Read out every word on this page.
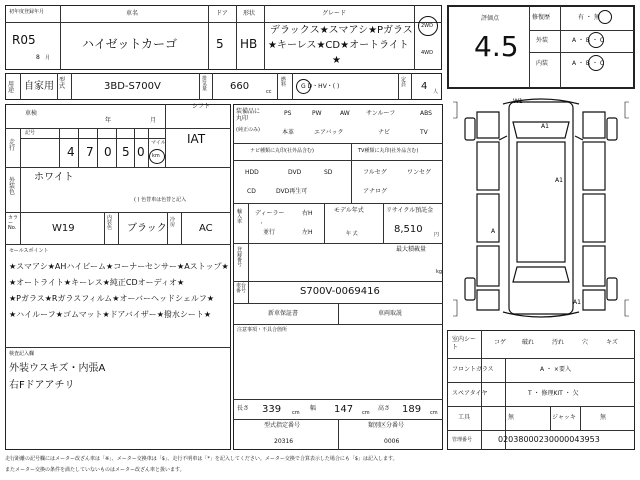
初年度登録年月
R05
8 月
車名
ハイゼットカーゴ
ドア
5
形状
HB
グレード
デラックス★スマアシ★Pガラス
★キーレス★CD★オートライト
★
2WD
4WD
用途 自家用
型式	3BD-S700V
排気量 660	cc
燃料	G D・HV・( )
定員 4 人
評価点
4.5
修復歴	有 ・ 無
外装	A ・ B ・ C
内装	A ・ B ・ C
車検
年	月
シフト
IAT
走行
記号
4 7 0 5 0
マイル
km
外装色
ホワイト
( ) 色替車は色替と記入
カラー No.	W19
内装色 ブラック
冷房 AC
セールスポイント
★スマアシ★AHハイビーム★コーナーセンサー★Aストップ★
★オートライト★キーレス★純正CDオーディオ★
★Pガラス★Rガラスフィルム★オーバーヘッドシェルフ★
★ハイルーフ★ゴムマット★ドアバイザー★撥水シート★
検査記入欄
外装ウスキズ・内張A
右Fドアアチリ
装備品に丸印
(純正のみ)
PS	PW	AW	サンルーフ	ABS
本革	エアバック	ナビ	TV
ナビ種類に丸印(社外品含む)	TV種類に丸印(社外品含む)
HDD	DVD	SD
CD	DVD再生可
フルセグ	ワンセグ
アナログ
輸入車
ディーラー
並行
・
右H
左H
モデル年式
年 式
リサイクル預託金
8,510 円
登録番号
最大積載量
kg
車台番号	S700V-0069416
新車保証書	車両取説
注意事項・不具合箇所
長さ 339 cm
幅 147 cm
高さ 189 cm
型式指定番号
20316
類別区分番号
0006
W1
A1
A1
A
A1
室内シート
コゲ	破れ	汚れ	穴	キズ
フロントガラス	A ・ ×要入
スペアタイヤ	T ・ 修理KIT ・ 欠
工具	無	ジャッキ	無
管理番号	02038000230000043953
走行距離の記号欄にはメーター改ざん車は「※」、メーター交換車は「$」、走行不明車は「*」を記入してください。メーター交換で合算表示した場合にも「$」は記入します。
またメーター交換の条件を満たしていないものはメーター改ざん車と扱います。
